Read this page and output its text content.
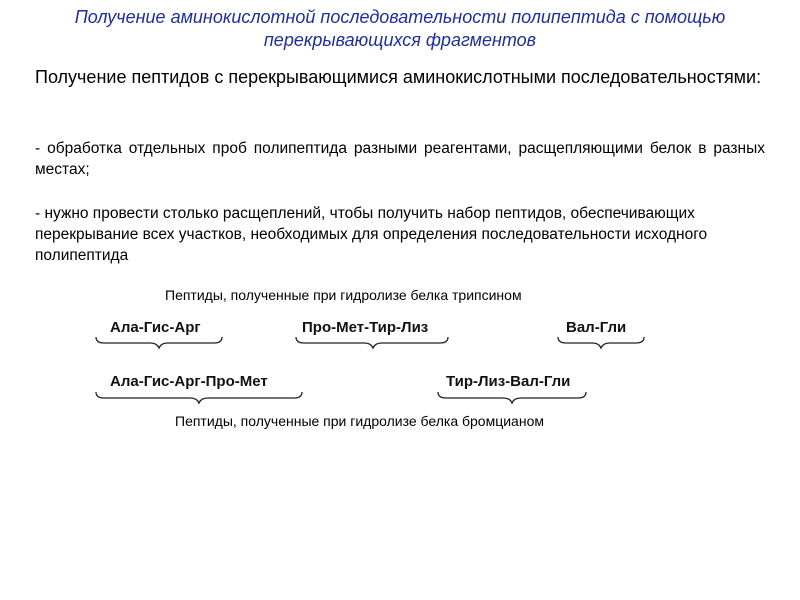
Получение аминокислотной последовательности полипептида с помощью перекрывающихся фрагментов
Получение пептидов с перекрывающимися аминокислотными последовательностями:
- обработка отдельных проб полипептида разными реагентами, расщепляющими белок в разных местах;
- нужно провести столько расщеплений, чтобы получить набор пептидов, обеспечивающих перекрывание всех участков, необходимых для определения последовательности исходного полипептида
Пептиды, полученные при гидролизе белка трипсином
Ала-Гис-Арг	Про-Мет-Тир-Лиз	Вал-Гли
Ала-Гис-Арг-Про-Мет	Тир-Лиз-Вал-Гли
Пептиды, полученные при гидролизе белка бромцианом
